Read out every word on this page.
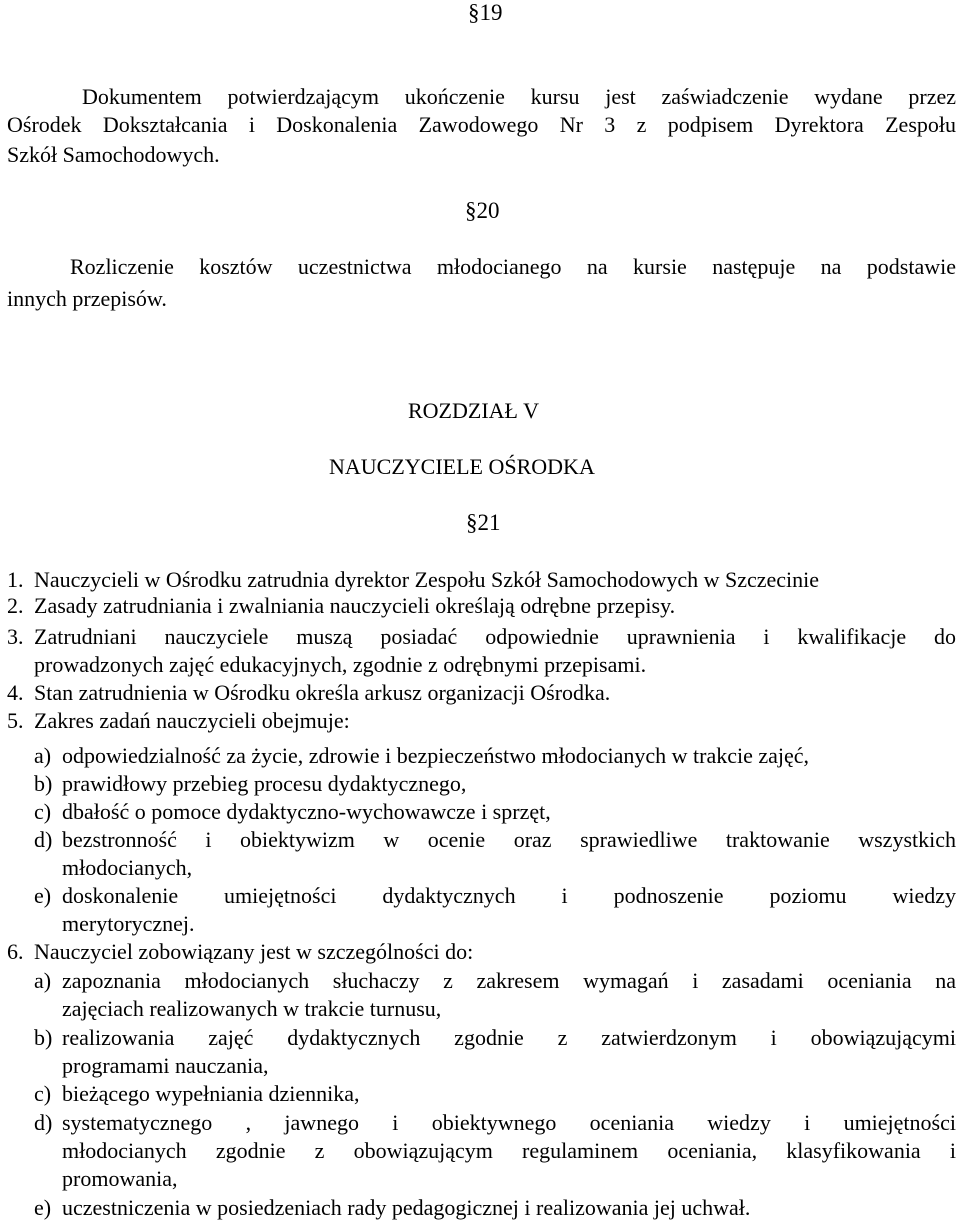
§19
Dokumentem potwierdzającym ukończenie kursu jest zaświadczenie wydane przez
Ośrodek Dokształcania i Doskonalenia Zawodowego Nr 3 z podpisem Dyrektora Zespołu
Szkół Samochodowych.
§20
Rozliczenie kosztów uczestnictwa młodocianego na kursie następuje na podstawie
innych przepisów.
ROZDZIAŁ V
NAUCZYCIELE OŚRODKA
§21
1. Nauczycieli w Ośrodku zatrudnia dyrektor Zespołu Szkół Samochodowych w Szczecinie
2. Zasady zatrudniania i zwalniania nauczycieli określają odrębne przepisy.
3. Zatrudniani nauczyciele muszą posiadać odpowiednie uprawnienia i kwalifikacje do
prowadzonych zajęć edukacyjnych, zgodnie z odrębnymi przepisami.
4. Stan zatrudnienia w Ośrodku określa arkusz organizacji Ośrodka.
5. Zakres zadań nauczycieli obejmuje:
a) odpowiedzialność za życie, zdrowie i bezpieczeństwo młodocianych w trakcie zajęć,
b) prawidłowy przebieg procesu dydaktycznego,
c) dbałość o pomoce dydaktyczno-wychowawcze i sprzęt,
d) bezstronność i obiektywizm w ocenie oraz sprawiedliwe traktowanie wszystkich
młodocianych,
e) doskonalenie umiejętności dydaktycznych i podnoszenie poziomu wiedzy
merytorycznej.
6. Nauczyciel zobowiązany jest w szczególności do:
a) zapoznania młodocianych słuchaczy z zakresem wymagań i zasadami oceniania na
zajęciach realizowanych w trakcie turnusu,
b) realizowania zajęć dydaktycznych zgodnie z zatwierdzonym i obowiązującymi
programami nauczania,
c) bieżącego wypełniania dziennika,
d) systematycznego , jawnego i obiektywnego oceniania wiedzy i umiejętności
młodocianych zgodnie z obowiązującym regulaminem oceniania, klasyfikowania i
promowania,
e) uczestniczenia w posiedzeniach rady pedagogicznej i realizowania jej uchwał.
